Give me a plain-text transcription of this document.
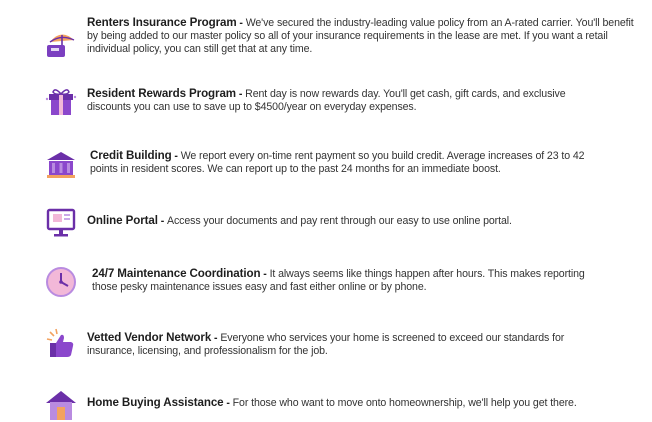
Renters Insurance Program - We've secured the industry-leading value policy from an A-rated carrier. You'll benefit by being added to our master policy so all of your insurance requirements in the lease are met. If you want a retail individual policy, you can still get that at any time.

Resident Rewards Program - Rent day is now rewards day. You'll get cash, gift cards, and exclusive discounts you can use to save up to $4500/year on everyday expenses.

Credit Building - We report every on-time rent payment so you build credit. Average increases of 23 to 42 points in resident scores. We can report up to the past 24 months for an immediate boost.

Online Portal - Access your documents and pay rent through our easy to use online portal.

24/7 Maintenance Coordination - It always seems like things happen after hours. This makes reporting those pesky maintenance issues easy and fast either online or by phone.

Vetted Vendor Network - Everyone who services your home is screened to exceed our standards for insurance, licensing, and professionalism for the job.

Home Buying Assistance - For those who want to move onto homeownership, we'll help you get there.
